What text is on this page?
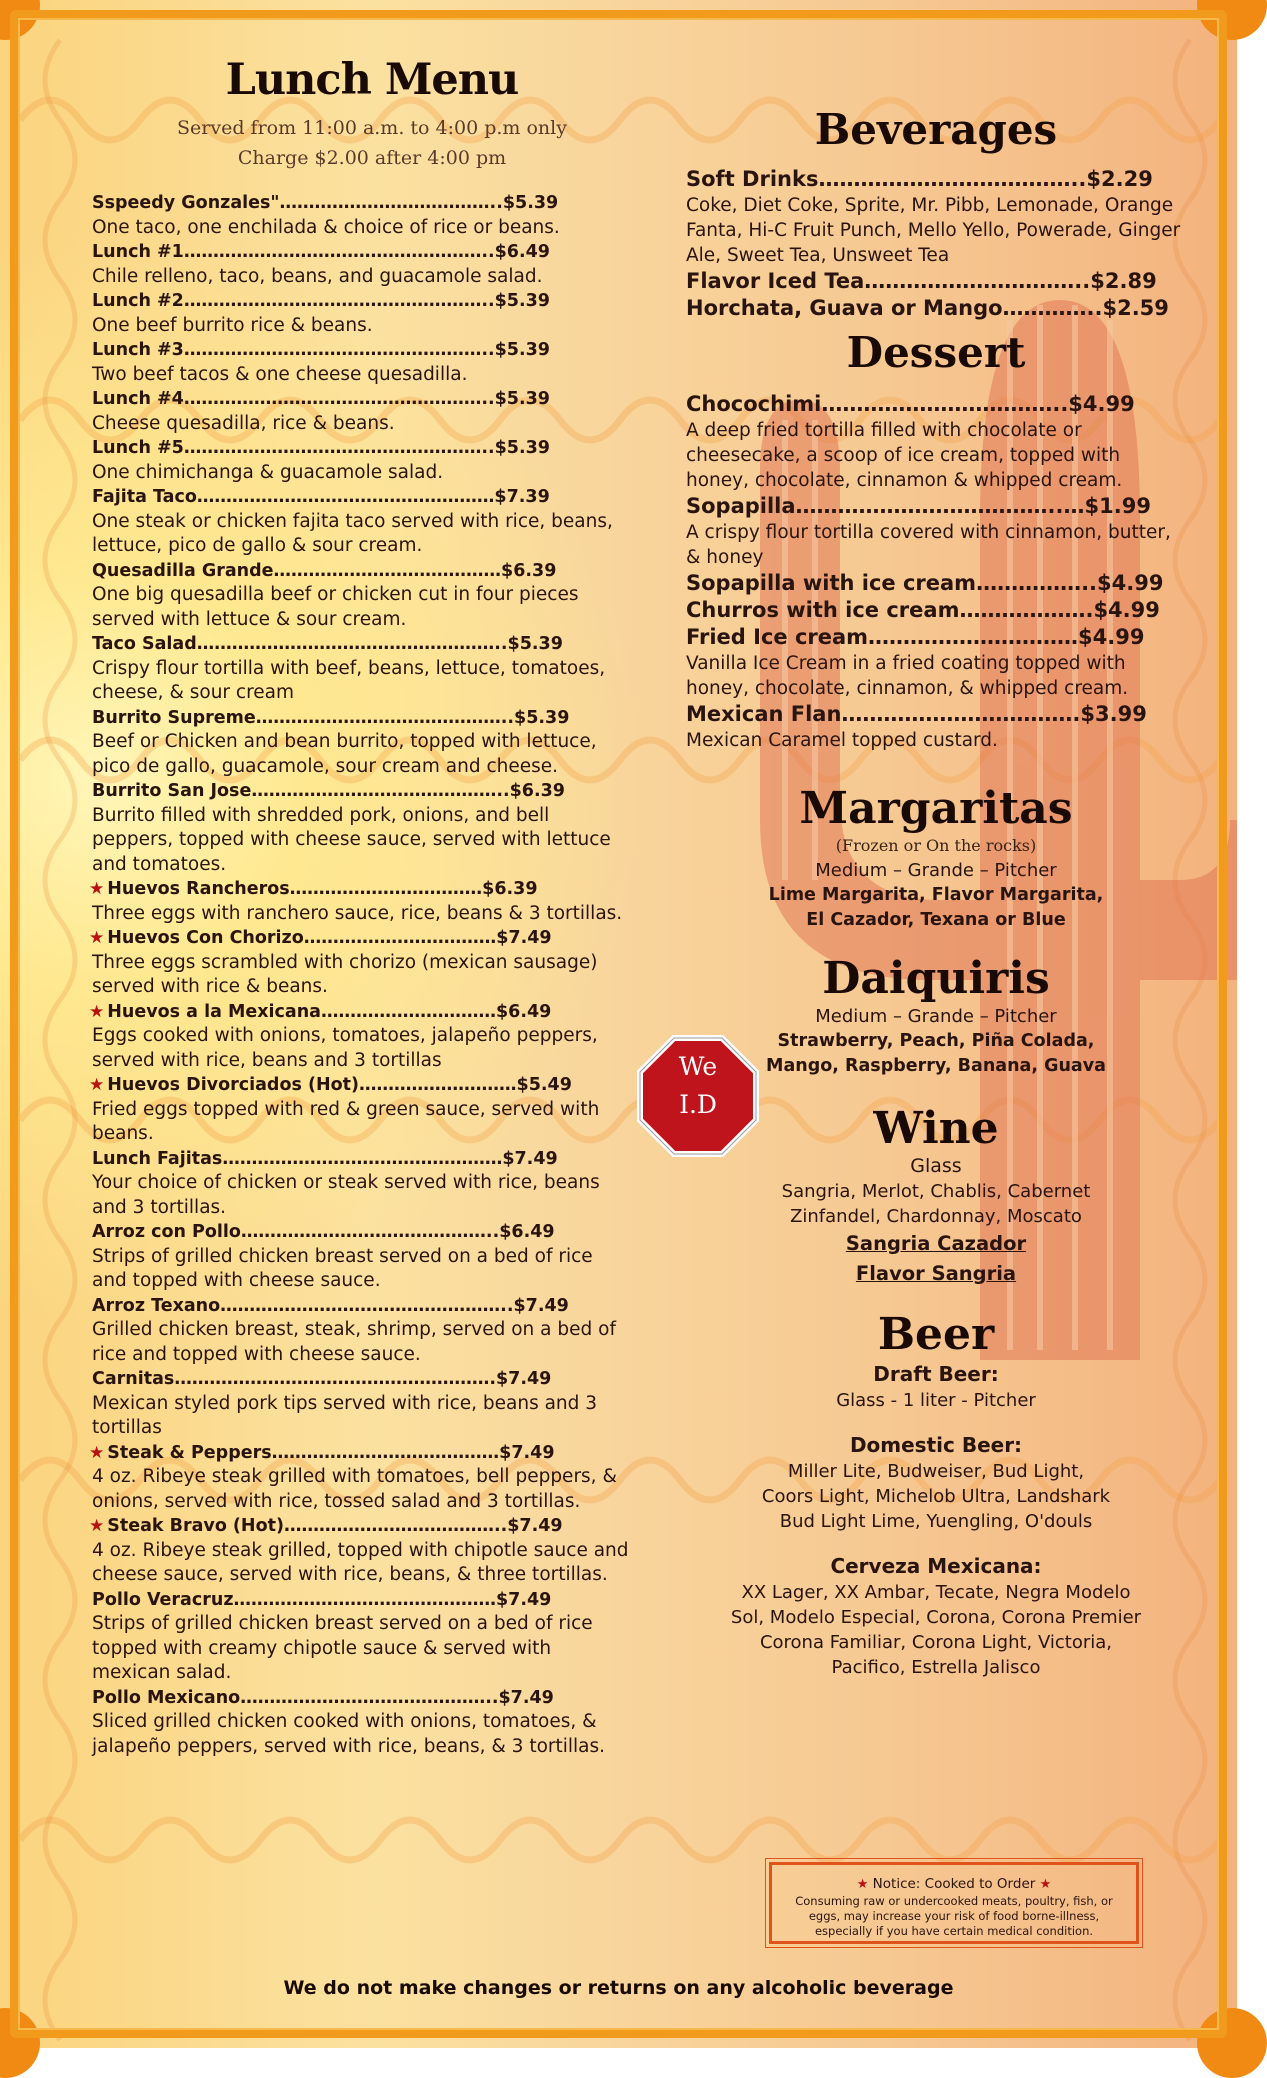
Lunch Menu
Served from 11:00 a.m. to 4:00 p.m only
Charge $2.00 after 4:00 pm
Sspeedy Gonzales"………………………………..$5.39
One taco, one enchilada & choice of rice or beans.
Lunch #1……………………………………………..$6.49
Chile relleno, taco, beans, and guacamole salad.
Lunch #2……………………………………………..$5.39
One beef burrito rice & beans.
Lunch #3……………………………………………..$5.39
Two beef tacos & one cheese quesadilla.
Lunch #4……………………………………………..$5.39
Cheese quesadilla, rice & beans.
Lunch #5……………………………………………..$5.39
One chimichanga & guacamole salad.
Fajita Taco……………………………………………$7.39
One steak or chicken fajita taco served with rice, beans, lettuce, pico de gallo & sour cream.
Quesadilla Grande…………………………………$6.39
One big quesadilla beef or chicken cut in four pieces served with lettuce & sour cream.
Taco Salad……………………………………………..$5.39
Crispy flour tortilla with beef, beans, lettuce, tomatoes, cheese, & sour cream
Burrito Supreme……………………………………..$5.39
Beef or Chicken and bean burrito, topped with lettuce, pico de gallo, guacamole, sour cream and cheese.
Burrito San Jose……………………………………..$6.39
Burrito filled with shredded pork, onions, and bell peppers, topped with cheese sauce, served with lettuce and tomatoes.
★ Huevos Rancheros……………………………$6.39
Three eggs with ranchero sauce, rice, beans & 3 tortillas.
★ Huevos Con Chorizo……………………………$7.49
Three eggs scrambled with chorizo (mexican sausage) served with rice & beans.
★ Huevos a la Mexicana…………………………$6.49
Eggs cooked with onions, tomatoes, jalapeño peppers, served with rice, beans and 3 tortillas
★ Huevos Divorciados (Hot)………………………$5.49
Fried eggs topped with red & green sauce, served with beans.
Lunch Fajitas…………………………………………$7.49
Your choice of chicken or steak served with rice, beans and 3 tortillas.
Arroz con Pollo……………………………………..$6.49
Strips of grilled chicken breast served on a bed of rice and topped with cheese sauce.
Arroz Texano…………………………………………..$7.49
Grilled chicken breast, steak, shrimp, served on a bed of rice and topped with cheese sauce.
Carnitas……………………………………………….$7.49
Mexican styled pork tips served with rice, beans and 3 tortillas
★ Steak & Peppers…………………………………$7.49
4 oz. Ribeye steak grilled with tomatoes, bell peppers, & onions, served with rice, tossed salad and 3 tortillas.
★ Steak Bravo (Hot)………………………………..$7.49
4 oz. Ribeye steak grilled, topped with chipotle sauce and cheese sauce, served with rice, beans, & three tortillas.
Pollo Veracruz………………………………………$7.49
Strips of grilled chicken breast served on a bed of rice topped with creamy chipotle sauce & served with mexican salad.
Pollo Mexicano……………………………………..$7.49
Sliced grilled chicken cooked with onions, tomatoes, & jalapeño peppers, served with rice, beans, & 3 tortillas.
Beverages
Soft Drinks………………………………..$2.29
Coke, Diet Coke, Sprite, Mr. Pibb, Lemonade, Orange Fanta, Hi-C Fruit Punch, Mello Yello, Powerade, Ginger Ale, Sweet Tea, Unsweet Tea
Flavor Iced Tea…………………………..$2.89
Horchata, Guava or Mango…………..$2.59
Dessert
Chocochimi……………………………..$4.99
A deep fried tortilla filled with chocolate or cheesecake, a scoop of ice cream, topped with honey, chocolate, cinnamon & whipped cream.
Sopapilla………………………………..…$1.99
A crispy flour tortilla covered with cinnamon, butter, & honey
Sopapilla with ice cream……………..$4.99
Churros with ice cream……………….$4.99
Fried Ice cream…………………………$4.99
Vanilla Ice Cream in a fried coating topped with honey, chocolate, cinnamon, & whipped cream.
Mexican Flan…………………………….$3.99
Mexican Caramel topped custard.
Margaritas
(Frozen or On the rocks)
Medium – Grande – Pitcher
Lime Margarita, Flavor Margarita,
El Cazador, Texana or Blue
Daiquiris
Medium – Grande – Pitcher
Strawberry, Peach, Piña Colada,
Mango, Raspberry, Banana, Guava
Wine
Glass
Sangria, Merlot, Chablis, Cabernet
Zinfandel, Chardonnay, Moscato
Sangria Cazador
Flavor Sangria
Beer
Draft Beer:
Glass - 1 liter - Pitcher
Domestic Beer:
Miller Lite, Budweiser, Bud Light,
Coors Light, Michelob Ultra, Landshark
Bud Light Lime, Yuengling, O'douls
Cerveza Mexicana:
XX Lager, XX Ambar, Tecate, Negra Modelo
Sol, Modelo Especial, Corona, Corona Premier
Corona Familiar, Corona Light, Victoria,
Pacifico, Estrella Jalisco
We
I.D
★ Notice: Cooked to Order ★
Consuming raw or undercooked meats, poultry, fish, or
eggs, may increase your risk of food borne-illness,
especially if you have certain medical condition.
We do not make changes or returns on any alcoholic beverage
